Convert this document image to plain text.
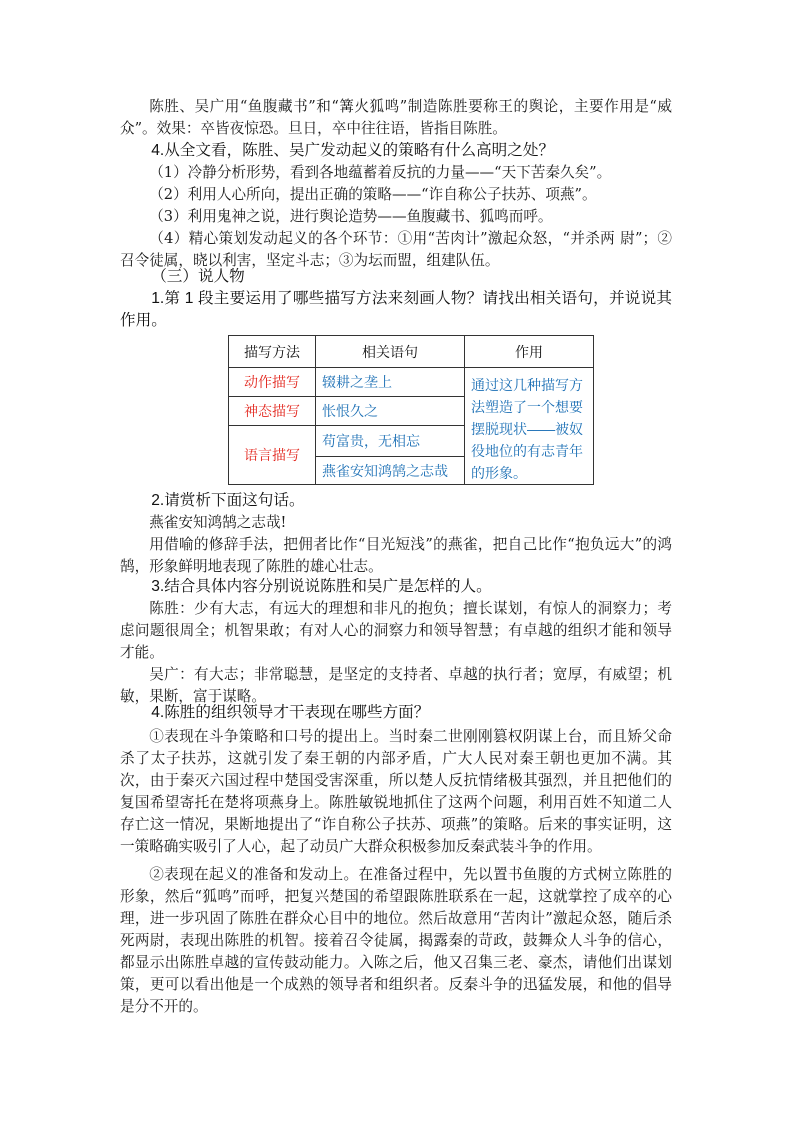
陈胜、吴广用“鱼腹藏书”和“篝火狐鸣”制造陈胜要称王的舆论，主要作用是“威众”。效果：卒皆夜惊恐。旦日，卒中往往语，皆指目陈胜。
4.从全文看，陈胜、吴广发动起义的策略有什么高明之处？
（1）冷静分析形势，看到各地蕴蓄着反抗的力量——“天下苦秦久矣”。
（2）利用人心所向，提出正确的策略——“诈自称公子扶苏、项燕”。
（3）利用鬼神之说，进行舆论造势——鱼腹藏书、狐鸣而呼。
（4）精心策划发动起义的各个环节：①用“苦肉计”激起众怒，“并杀两 尉”；②召令徒属，晓以利害，坚定斗志；③为坛而盟，组建队伍。
（三）说人物
1.第 1 段主要运用了哪些描写方法来刻画人物？请找出相关语句，并说说其作用。
描写方法	相关语句	作用
动作描写	辍耕之垄上	通过这几种描写方法塑造了一个想要摆脱现状——被奴役地位的有志青年的形象。
神态描写	怅恨久之	
语言描写	苟富贵，无相忘	
	燕雀安知鸿鹄之志哉	
2.请赏析下面这句话。
燕雀安知鸿鹄之志哉!
用借喻的修辞手法，把佣者比作“目光短浅”的燕雀，把自己比作“抱负远大”的鸿鹄，形象鲜明地表现了陈胜的雄心壮志。
3.结合具体内容分别说说陈胜和吴广是怎样的人。
陈胜：少有大志，有远大的理想和非凡的抱负；擅长谋划，有惊人的洞察力；考虑问题很周全；机智果敢；有对人心的洞察力和领导智慧；有卓越的组织才能和领导才能。
吴广：有大志；非常聪慧，是坚定的支持者、卓越的执行者；宽厚，有威望；机敏，果断，富于谋略。
4.陈胜的组织领导才干表现在哪些方面？
①表现在斗争策略和口号的提出上。当时秦二世刚刚篡权阴谋上台，而且矫父命杀了太子扶苏，这就引发了秦王朝的内部矛盾，广大人民对秦王朝也更加不满。其次，由于秦灭六国过程中楚国受害深重，所以楚人反抗情绪极其强烈，并且把他们的复国希望寄托在楚将项燕身上。陈胜敏锐地抓住了这两个问题，利用百姓不知道二人存亡这一情况，果断地提出了“诈自称公子扶苏、项燕”的策略。后来的事实证明，这一策略确实吸引了人心，起了动员广大群众积极参加反秦武装斗争的作用。
②表现在起义的准备和发动上。在准备过程中，先以置书鱼腹的方式树立陈胜的形象，然后“狐鸣”而呼，把复兴楚国的希望跟陈胜联系在一起，这就掌控了成卒的心理，进一步巩固了陈胜在群众心目中的地位。然后故意用“苦肉计”激起众怒，随后杀死两尉，表现出陈胜的机智。接着召令徒属，揭露秦的苛政，鼓舞众人斗争的信心，都显示出陈胜卓越的宣传鼓动能力。入陈之后，他又召集三老、豪杰，请他们出谋划策，更可以看出他是一个成熟的领导者和组织者。反秦斗争的迅猛发展，和他的倡导是分不开的。
